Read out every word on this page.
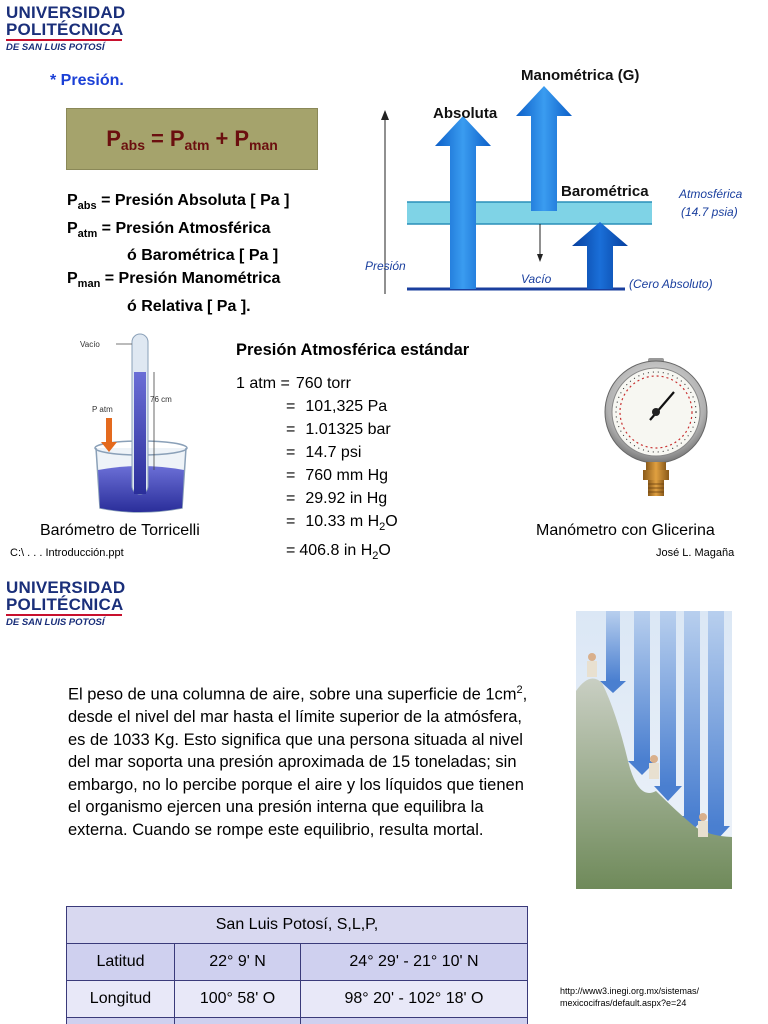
UNIVERSIDAD
POLITÉCNICA
DE SAN LUIS POTOSÍ
* Presión.
$P_{abs} = P_{atm} + P_{man}$
$P_{abs}$ = Presión Absoluta [ Pa ]
$P_{atm}$ = Presión Atmosférica
ó Barométrica [ Pa ]
$P_{man}$ = Presión Manométrica
ó Relativa [ Pa ].
Manométrica (G)
Absoluta
Barométrica	Atmosférica
(14.7 psia)
Presión
Vacío	(Cero Absoluto)
Vacío
P atm
76 cm
Barómetro de Torricelli
Presión Atmosférica estándar
1 atm = 760 torr
= 101,325 Pa
= 1.01325 bar
= 14.7 psi
= 760 mm Hg
= 29.92 in Hg
= 10.33 m $H_2O$
= 406.8 in $H_2O$
Manómetro con Glicerina
C:\ . . . Introducción.ppt	José L. Magaña
UNIVERSIDAD
POLITÉCNICA
DE SAN LUIS POTOSÍ
El peso de una columna de aire, sobre una superficie de $1cm^2$, desde el nivel del mar hasta el límite superior de la atmósfera, es de 1033 Kg. Esto significa que una persona situada al nivel del mar soporta una presión aproximada de 15 toneladas; sin embargo, no lo percibe porque el aire y los líquidos que tienen el organismo ejercen una presión interna que equilibra la externa. Cuando se rompe este equilibrio, resulta mortal.
San Luis Potosí, S,L,P,		
Latitud	22° 9' N	24° 29' - 21° 10' N
Longitud	100° 58' O	98° 20' - 102° 18' O
			http://www3.inegi.org.mx/sistemas/
mexicocifras/default.aspx?e=24
